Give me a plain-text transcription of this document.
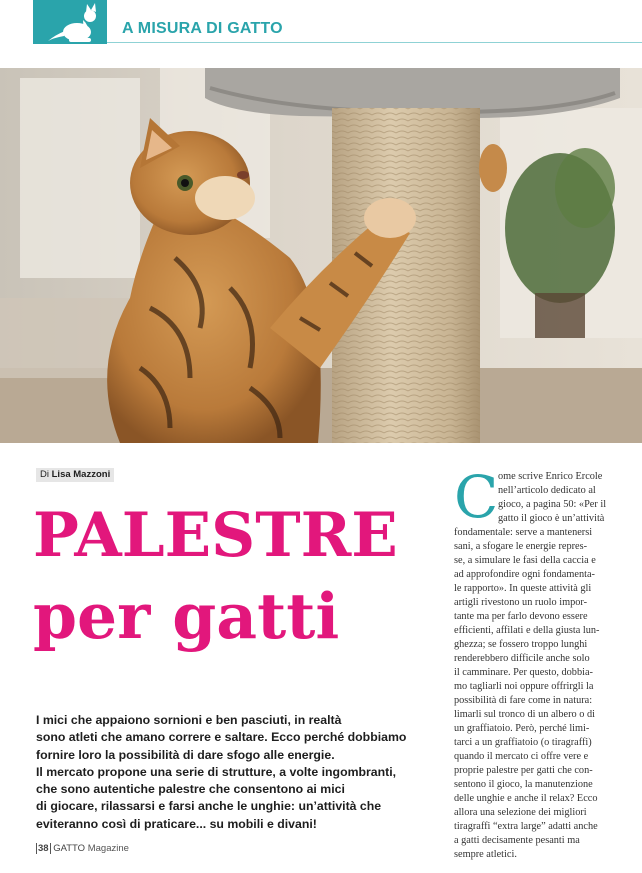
A MISURA DI GATTO
Di Lisa Mazzoni
PALESTRE
per gatti
I mici che appaiono sornioni e ben pasciuti, in realtà
sono atleti che amano correre e saltare. Ecco perché dobbiamo
fornire loro la possibilità di dare sfogo alle energie.
Il mercato propone una serie di strutture, a volte ingombranti,
che sono autentiche palestre che consentono ai mici
di giocare, rilassarsi e farsi anche le unghie: un’attività che
eviteranno così di praticare... su mobili e divani!
C ome scrive Enrico Ercole
nell’articolo dedicato al
gioco, a pagina 50: «Per il
gatto il gioco è un’attività
fondamentale: serve a mantenersi
sani, a sfogare le energie repres-
se, a simulare le fasi della caccia e
ad approfondire ogni fondamenta-
le rapporto». In queste attività gli
artigli rivestono un ruolo impor-
tante ma per farlo devono essere
efficienti, affilati e della giusta lun-
ghezza; se fossero troppo lunghi
renderebbero difficile anche solo
il camminare. Per questo, dobbia-
mo tagliarli noi oppure offrirgli la
possibilità di fare come in natura:
limarli sul tronco di un albero o di
un graffiatoio. Però, perché limi-
tarci a un graffiatoio (o tiragraffi)
quando il mercato ci offre vere e
proprie palestre per gatti che con-
sentono il gioco, la manutenzione
delle unghie e anche il relax? Ecco
allora una selezione dei migliori
tiragraffi “extra large” adatti anche
a gatti decisamente pesanti ma
sempre atletici.
38 GATTO Magazine
